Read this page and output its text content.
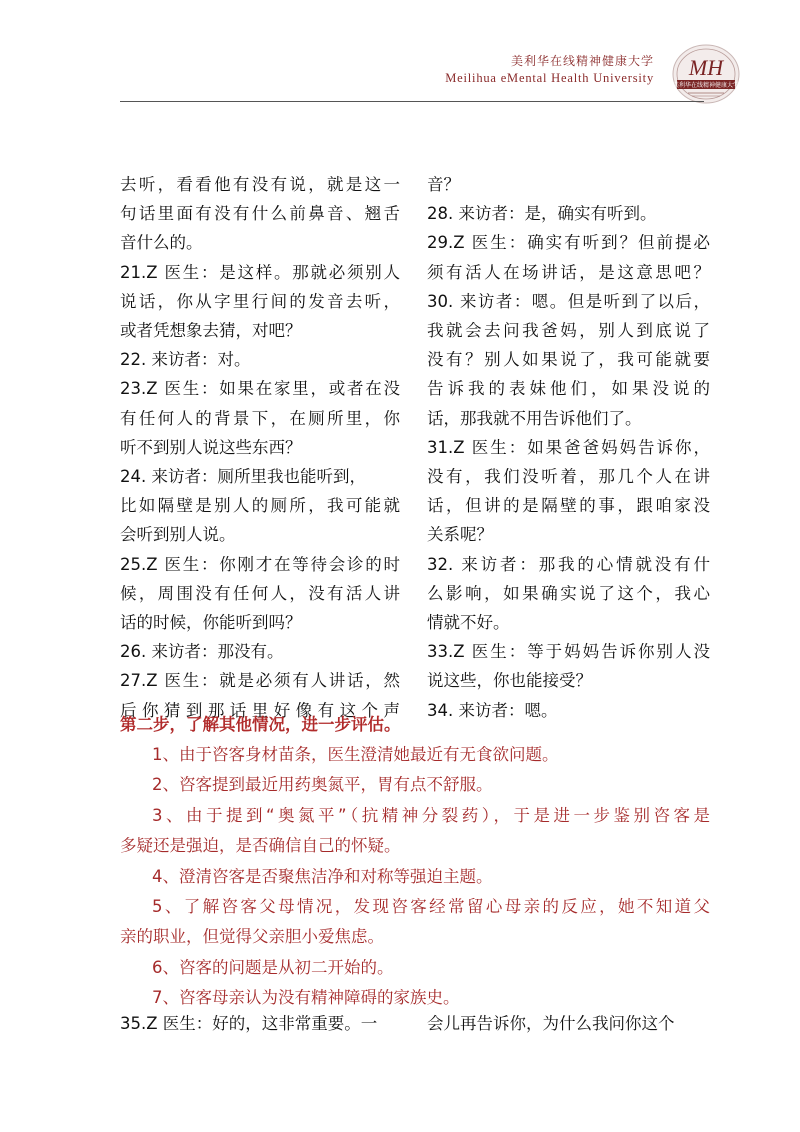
美利华在线精神健康大学
Meilihua eMental Health University MH
美利华在线精神健康大学

去听，看看他有没有说，就是这一

句话里面有没有什么前鼻音、翘舌

音什么的。

21.Z 医生：是这样。那就必须别人

说话，你从字里行间的发音去听，

或者凭想象去猜，对吧？

22. 来访者：对。

23.Z 医生：如果在家里，或者在没

有任何人的背景下，在厕所里，你

听不到别人说这些东西？

24. 来访者：厕所里我也能听到，

比如隔壁是别人的厕所，我可能就

会听到别人说。

25.Z 医生：你刚才在等待会诊的时

候，周围没有任何人，没有活人讲

话的时候，你能听到吗？

26. 来访者：那没有。

27.Z 医生：就是必须有人讲话，然

后你猜到那话里好像有这个声

音？

28. 来访者：是，确实有听到。

29.Z 医生：确实有听到？但前提必

须有活人在场讲话，是这意思吧？

30. 来访者：嗯。但是听到了以后，

我就会去问我爸妈，别人到底说了

没有？别人如果说了，我可能就要

告诉我的表妹他们，如果没说的

话，那我就不用告诉他们了。

31.Z 医生：如果爸爸妈妈告诉你，

没有，我们没听着，那几个人在讲

话，但讲的是隔壁的事，跟咱家没

关系呢？

32. 来访者：那我的心情就没有什

么影响，如果确实说了这个，我心

情就不好。

33.Z 医生：等于妈妈告诉你别人没

说这些，你也能接受？

34. 来访者：嗯。

第二步，了解其他情况，进一步评估。

1、由于咨客身材苗条，医生澄清她最近有无食欲问题。

2、咨客提到最近用药奥氮平，胃有点不舒服。

3、由于提到“奥氮平”（抗精神分裂药），于是进一步鉴别咨客是

多疑还是强迫，是否确信自己的怀疑。

4、澄清咨客是否聚焦洁净和对称等强迫主题。

5、了解咨客父母情况，发现咨客经常留心母亲的反应，她不知道父

亲的职业，但觉得父亲胆小爱焦虑。

6、咨客的问题是从初二开始的。

7、咨客母亲认为没有精神障碍的家族史。

35.Z 医生：好的，这非常重要。一	会儿再告诉你，为什么我问你这个
